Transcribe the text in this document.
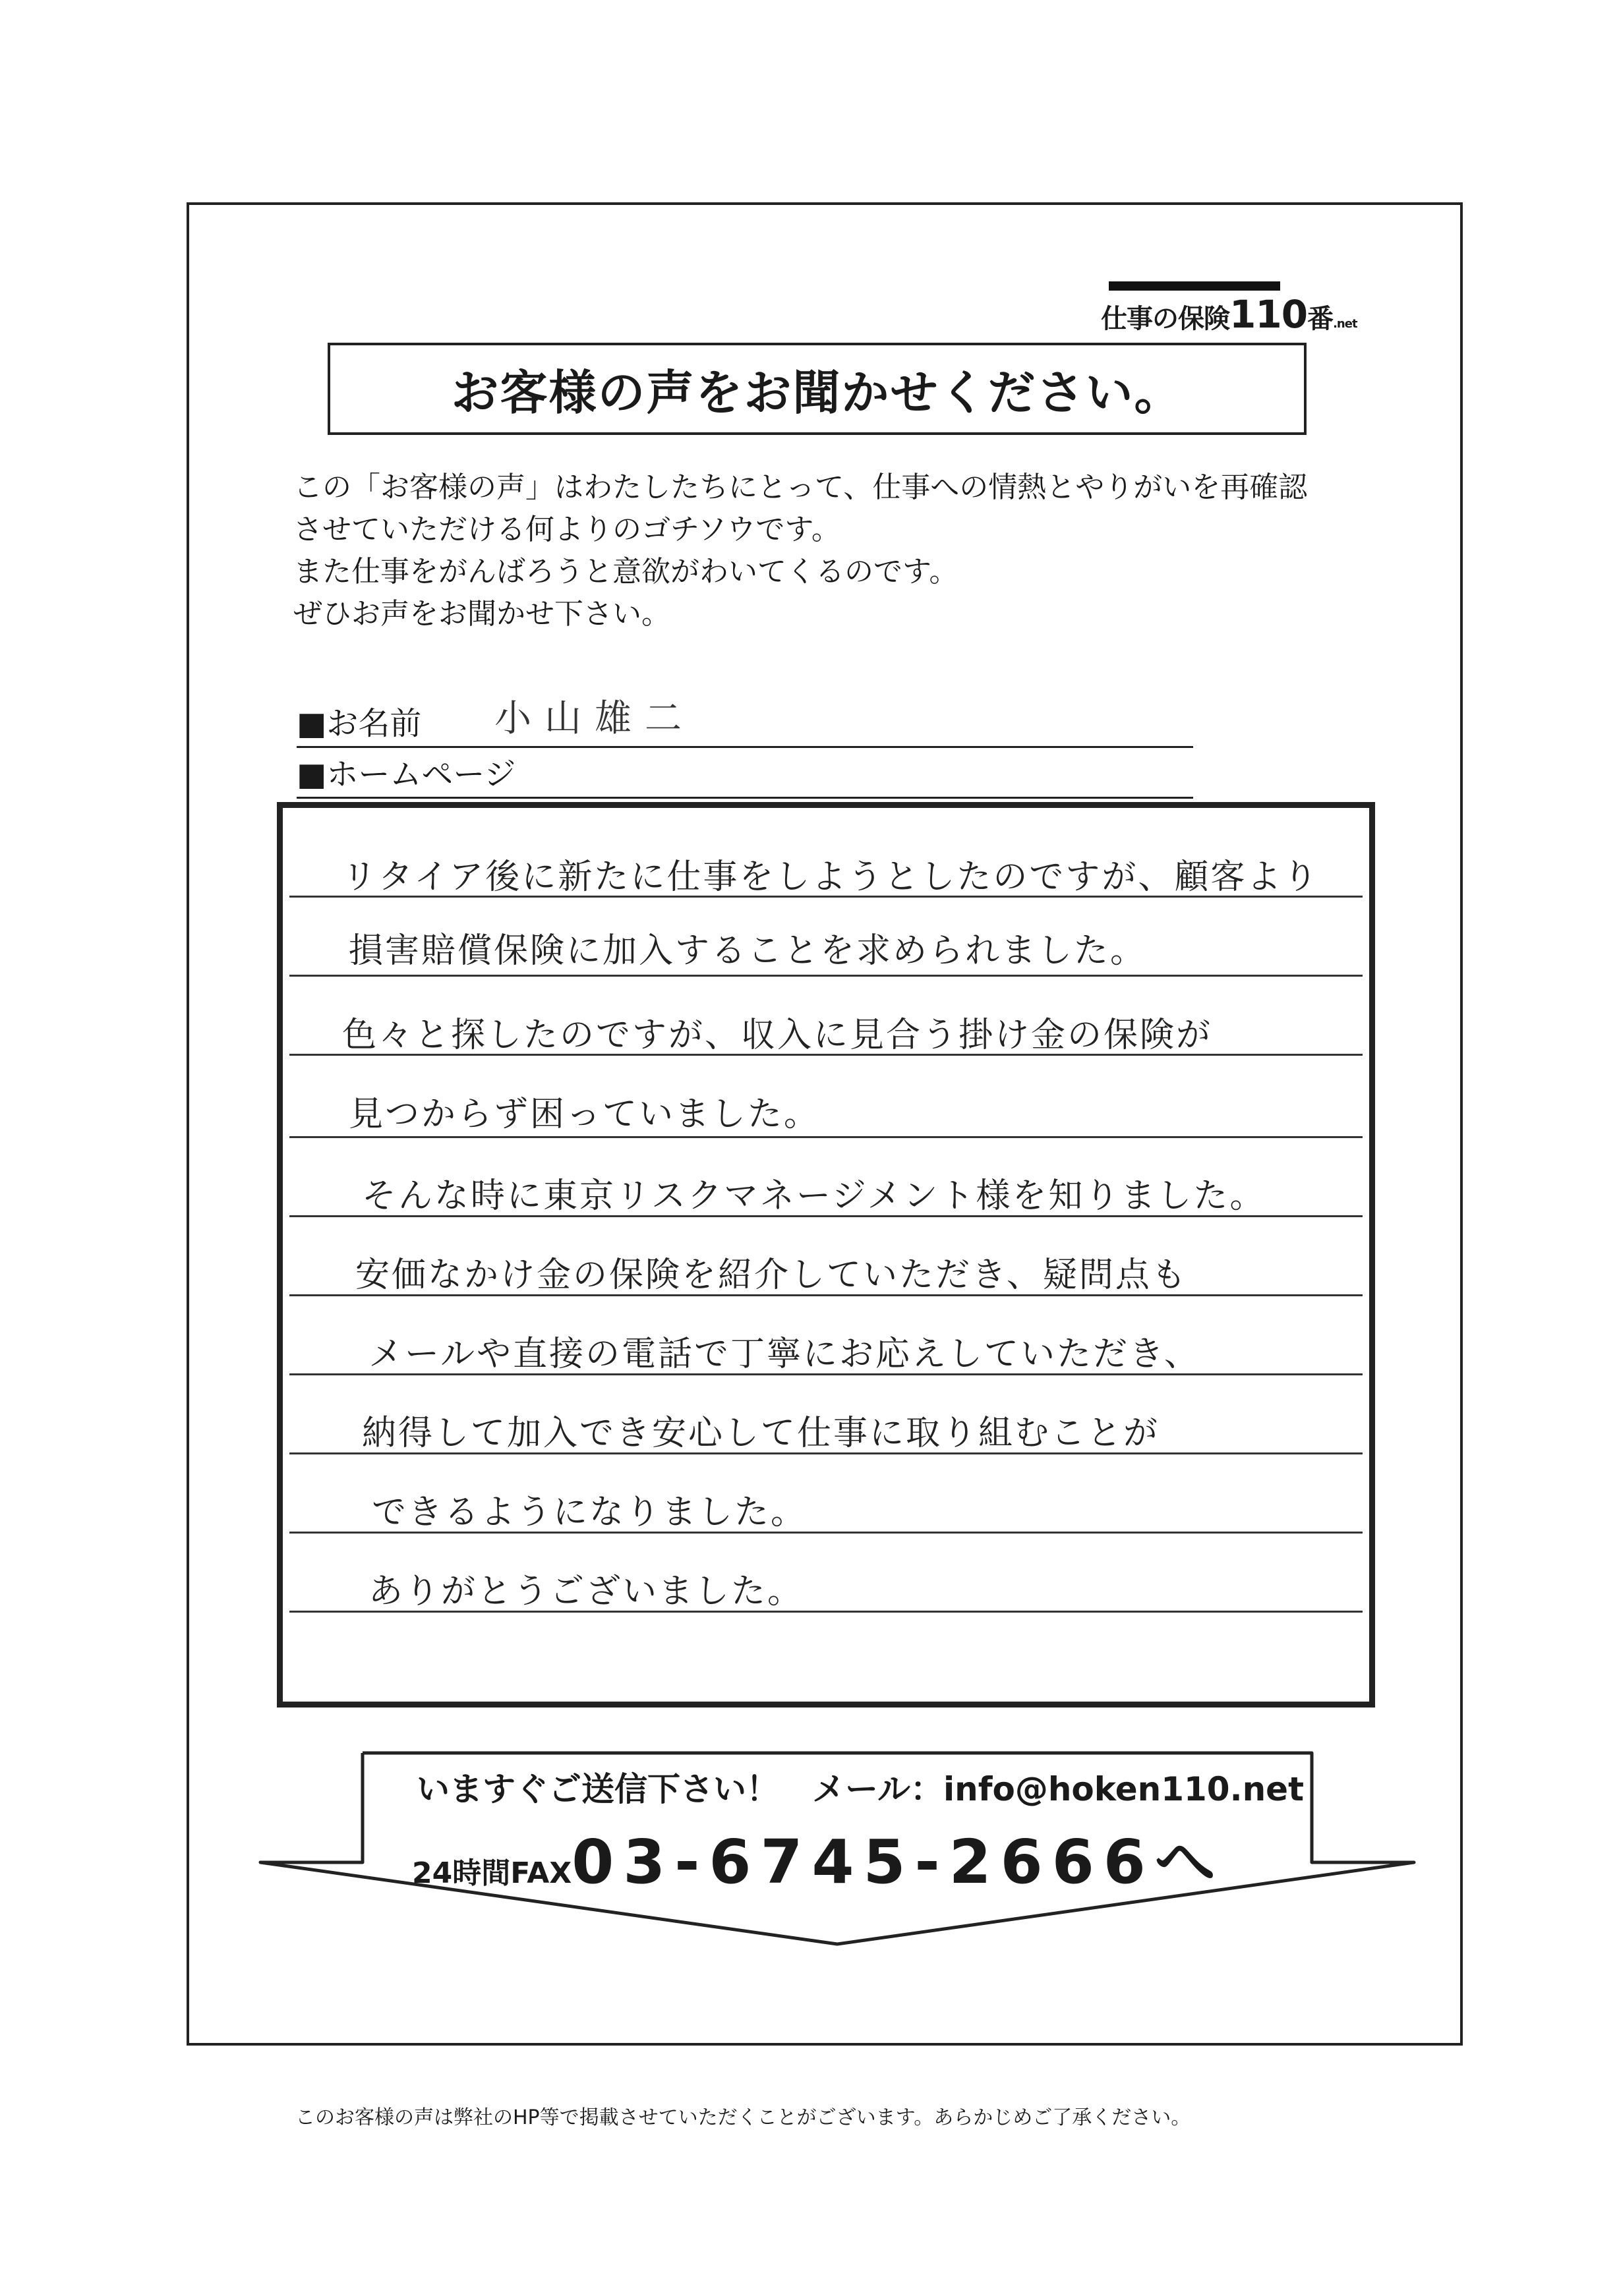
仕事の保険110番.net
お客様の声をお聞かせください。
この「お客様の声」はわたしたちにとって、仕事への情熱とやりがいを再確認
させていただける何よりのゴチソウです。
また仕事をがんばろうと意欲がわいてくるのです。
ぜひお声をお聞かせ下さい。
■お名前 小山雄二
■ホームページ
リタイア後に新たに仕事をしようとしたのですが、顧客より
損害賠償保険に加入することを求められました。
色々と探したのですが、収入に見合う掛け金の保険が
見つからず困っていました。
そんな時に東京リスクマネージメント様を知りました。
安価なかけ金の保険を紹介していただき、疑問点も
メールや直接の電話で丁寧にお応えしていただき、
納得して加入でき安心して仕事に取り組むことが
できるようになりました。
ありがとうございました。
いますぐご送信下さい！　メール：info@hoken110.net
24時間FAX03-6745-2666へ
このお客様の声は弊社のHP等で掲載させていただくことがございます。あらかじめご了承ください。
